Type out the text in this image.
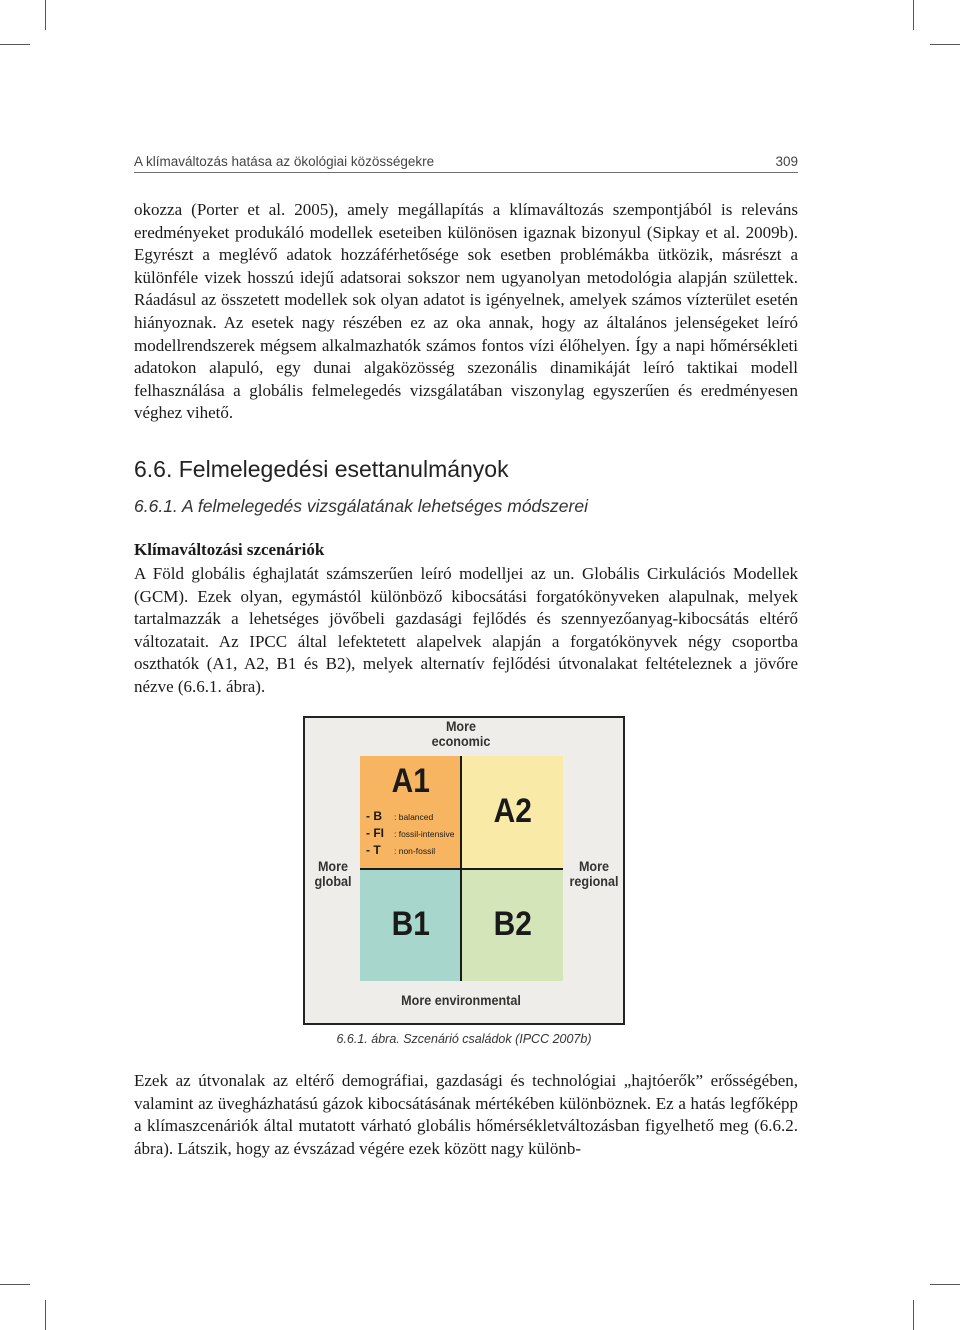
A klímaváltozás hatása az ökológiai közösségekre	309

okozza (Porter et al. 2005), amely megállapítás a klímaváltozás szempontjából is releváns eredményeket produkáló modellek eseteiben különösen igaznak bizonyul (Sipkay et al. 2009b). Egyrészt a meglévő adatok hozzáférhetősége sok esetben problémákba ütközik, másrészt a különféle vizek hosszú idejű adatsorai sokszor nem ugyanolyan metodológia alapján születtek. Ráadásul az összetett modellek sok olyan adatot is igényelnek, amelyek számos vízterület esetén hiányoznak. Az esetek nagy részében ez az oka annak, hogy az általános jelenségeket leíró modellrendszerek mégsem alkalmazhatók számos fontos vízi élőhelyen. Így a napi hőmérsékleti adatokon alapuló, egy dunai algaközösség szezonális dinamikáját leíró taktikai modell felhasználása a globális felmelegedés vizsgálatában viszonylag egyszerűen és eredményesen véghez vihető.

6.6. Felmelegedési esettanulmányok
6.6.1. A felmelegedés vizsgálatának lehetséges módszerei
Klímaváltozási szcenáriók

A Föld globális éghajlatát számszerűen leíró modelljei az un. Globális Cirkulációs Modellek (GCM). Ezek olyan, egymástól különböző kibocsátási forgatókönyveken alapulnak, melyek tartalmazzák a lehetséges jövőbeli gazdasági fejlődés és szennyezőanyag-kibocsátás eltérő változatait. Az IPCC által lefektetett alapelvek alapján a forgatókönyvek négy csoportba oszthatók (A1, A2, B1 és B2), melyek alternatív fejlődési útvonalakat feltételeznek a jövőre nézve (6.6.1. ábra).

A1
- B	: balanced
- FI	: fossil-intensive
- T	: non-fossil
A2
B1 B2
More economic
More environmental
More global
More regional
6.6.1. ábra. Szcenárió családok (IPCC 2007b)

Ezek az útvonalak az eltérő demográfiai, gazdasági és technológiai „hajtóerők” erősségében, valamint az üvegházhatású gázok kibocsátásának mértékében különböznek. Ez a hatás legfőképp a klímaszcenáriók által mutatott várható globális hőmérsékletváltozásban figyelhető meg (6.6.2. ábra). Látszik, hogy az évszázad végére ezek között nagy különb-
